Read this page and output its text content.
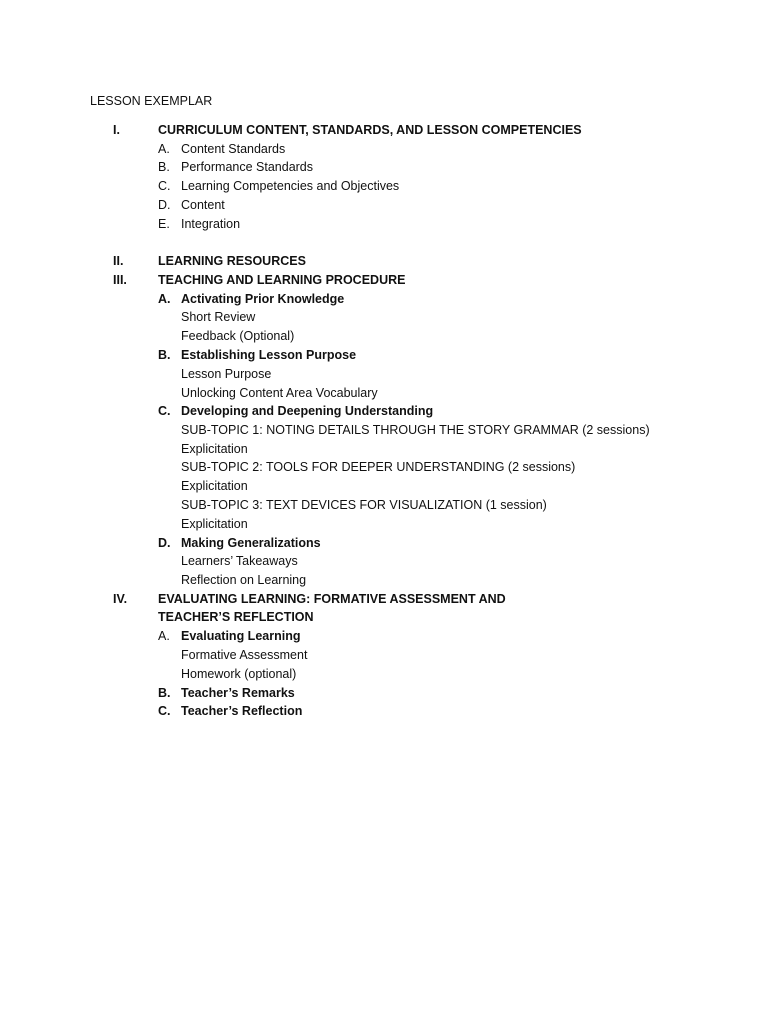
LESSON EXEMPLAR
I.	CURRICULUM CONTENT, STANDARDS, AND LESSON COMPETENCIES
A. Content Standards
B. Performance Standards
C. Learning Competencies and Objectives
D. Content
E. Integration
II.	LEARNING RESOURCES
III. TEACHING AND LEARNING PROCEDURE
A. Activating Prior Knowledge
Short Review
Feedback (Optional)
B. Establishing Lesson Purpose
Lesson Purpose
Unlocking Content Area Vocabulary
C. Developing and Deepening Understanding
SUB-TOPIC 1: NOTING DETAILS THROUGH THE STORY GRAMMAR (2 sessions)
Explicitation
SUB-TOPIC 2: TOOLS FOR DEEPER UNDERSTANDING (2 sessions)
Explicitation
SUB-TOPIC 3: TEXT DEVICES FOR VISUALIZATION (1 session)
Explicitation
D. Making Generalizations
Learners’ Takeaways
Reflection on Learning
IV. EVALUATING LEARNING: FORMATIVE ASSESSMENT AND
TEACHER’S REFLECTION
A. Evaluating Learning
Formative Assessment
Homework (optional)
B. Teacher’s Remarks
C. Teacher’s Reflection
